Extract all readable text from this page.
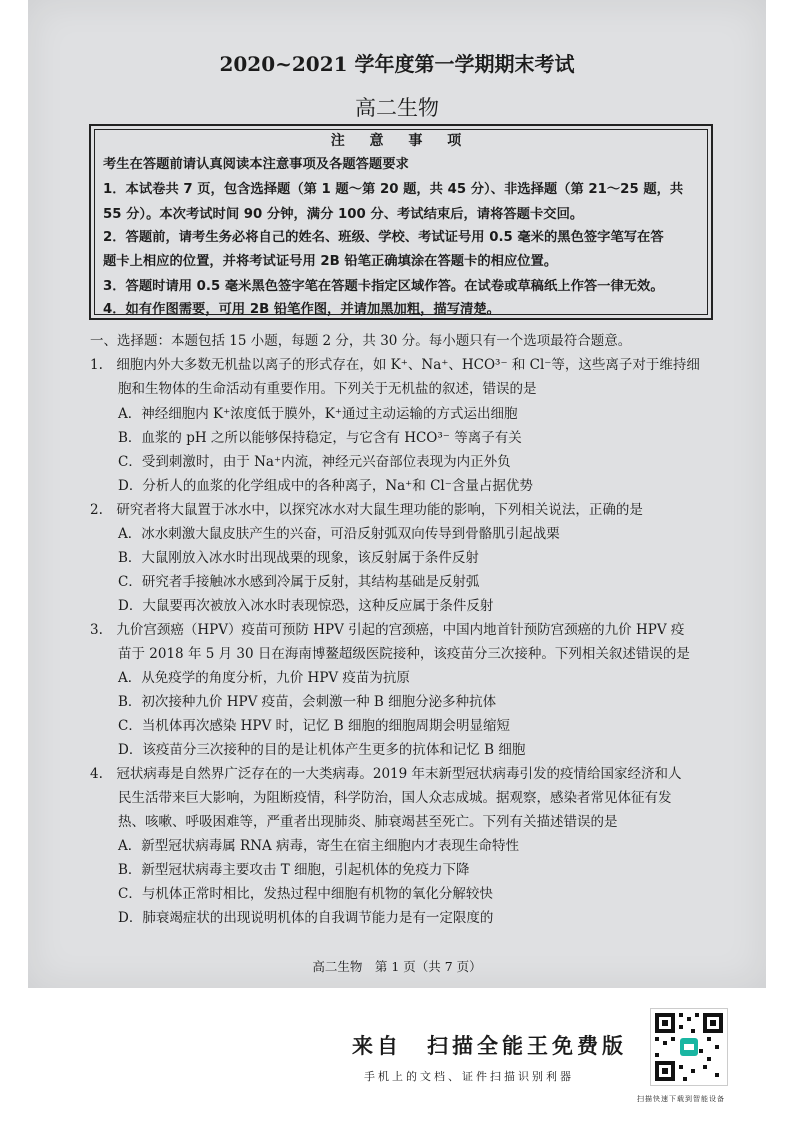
2020~2021 学年度第一学期期末考试
高二生物
注 意 事 项
考生在答题前请认真阅读本注意事项及各题答题要求
1．本试卷共 7 页，包含选择题（第 1 题～第 20 题，共 45 分）、非选择题（第 21～25 题，共
55 分）。本次考试时间 90 分钟，满分 100 分、考试结束后，请将答题卡交回。
2．答题前，请考生务必将自己的姓名、班级、学校、考试证号用 0.5 毫米的黑色签字笔写在答
题卡上相应的位置，并将考试证号用 2B 铅笔正确填涂在答题卡的相应位置。
3．答题时请用 0.5 毫米黑色签字笔在答题卡指定区域作答。在试卷或草稿纸上作答一律无效。
4．如有作图需要，可用 2B 铅笔作图，并请加黑加粗，描写清楚。
一、选择题：本题包括 15 小题，每题 2 分，共 30 分。每小题只有一个选项最符合题意。
1.　细胞内外大多数无机盐以离子的形式存在，如 K⁺、Na⁺、HCO³⁻ 和 Cl⁻等，这些离子对于维持细
胞和生物体的生命活动有重要作用。下列关于无机盐的叙述，错误的是
A．神经细胞内 K⁺浓度低于膜外，K⁺通过主动运输的方式运出细胞
B．血浆的 pH 之所以能够保持稳定，与它含有 HCO³⁻ 等离子有关
C．受到刺激时，由于 Na⁺内流，神经元兴奋部位表现为内正外负
D．分析人的血浆的化学组成中的各种离子，Na⁺和 Cl⁻含量占据优势
2.　研究者将大鼠置于冰水中，以探究冰水对大鼠生理功能的影响，下列相关说法，正确的是
A．冰水刺激大鼠皮肤产生的兴奋，可沿反射弧双向传导到骨骼肌引起战栗
B．大鼠刚放入冰水时出现战栗的现象，该反射属于条件反射
C．研究者手接触冰水感到冷属于反射，其结构基础是反射弧
D．大鼠要再次被放入冰水时表现惊恐，这种反应属于条件反射
3.　九价宫颈癌（HPV）疫苗可预防 HPV 引起的宫颈癌，中国内地首针预防宫颈癌的九价 HPV 疫
苗于 2018 年 5 月 30 日在海南博鳌超级医院接种，该疫苗分三次接种。下列相关叙述错误的是
A．从免疫学的角度分析，九价 HPV 疫苗为抗原
B．初次接种九价 HPV 疫苗，会刺激一种 B 细胞分泌多种抗体
C．当机体再次感染 HPV 时，记忆 B 细胞的细胞周期会明显缩短
D．该疫苗分三次接种的目的是让机体产生更多的抗体和记忆 B 细胞
4.　冠状病毒是自然界广泛存在的一大类病毒。2019 年末新型冠状病毒引发的疫情给国家经济和人
民生活带来巨大影响，为阻断疫情，科学防治，国人众志成城。据观察，感染者常见体征有发
热、咳嗽、呼吸困难等，严重者出现肺炎、肺衰竭甚至死亡。下列有关描述错误的是
A．新型冠状病毒属 RNA 病毒，寄生在宿主细胞内才表现生命特性
B．新型冠状病毒主要攻击 T 细胞，引起机体的免疫力下降
C．与机体正常时相比，发热过程中细胞有机物的氧化分解较快
D．肺衰竭症状的出现说明机体的自我调节能力是有一定限度的
高二生物　第 1 页（共 7 页）
来自　扫描全能王免费版
手机上的文档、证件扫描识别利器
扫描快速下载到智能设备
